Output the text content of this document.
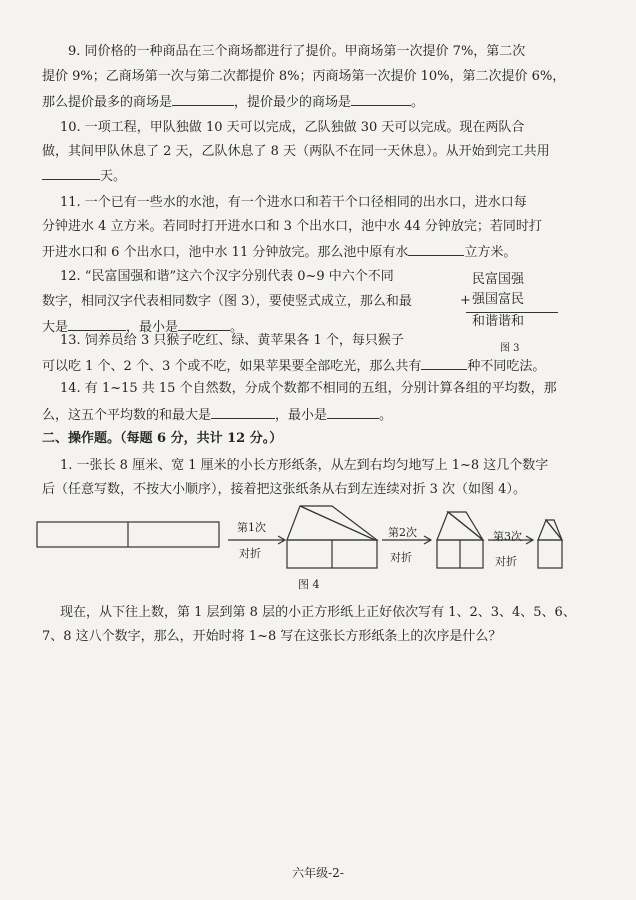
9. 同价格的一种商品在三个商场都进行了提价。甲商场第一次提价 7%，第二次
提价 9%；乙商场第一次与第二次都提价 8%；丙商场第一次提价 10%，第二次提价 6%，
那么提价最多的商场是	，提价最少的商场是	。
10. 一项工程，甲队独做 10 天可以完成，乙队独做 30 天可以完成。现在两队合
做，其间甲队休息了 2 天，乙队休息了 8 天（两队不在同一天休息）。从开始到完工共用
天。
11. 一个已有一些水的水池，有一个进水口和若干个口径相同的出水口，进水口每
分钟进水 4 立方米。若同时打开进水口和 3 个出水口，池中水 44 分钟放完；若同时打
开进水口和 6 个出水口，池中水 11 分钟放完。那么池中原有水	立方米。
12. “民富国强和谐”这六个汉字分别代表 0~9 中六个不同
数字，相同汉字代表相同数字（图 3），要使竖式成立，那么和最
大是	，最小是	。
民富国强
+ 强国富民
和谐谐和
图 3
13. 饲养员给 3 只猴子吃红、绿、黄苹果各 1 个，每只猴子
可以吃 1 个、2 个、3 个或不吃，如果苹果要全部吃光，那么共有	种不同吃法。
14. 有 1~15 共 15 个自然数，分成个数都不相同的五组，分别计算各组的平均数，那
么，这五个平均数的和最大是	，最小是	。
二、操作题。（每题 6 分，共计 12 分。）
1. 一张长 8 厘米、宽 1 厘米的小长方形纸条，从左到右均匀地写上 1~8 这几个数字
后（任意写数，不按大小顺序），接着把这张纸条从右到左连续对折 3 次（如图 4）。
第1次
对折
第2次
对折
第3次
对折
图 4
现在，从下往上数，第 1 层到第 8 层的小正方形纸上正好依次写有 1、2、3、4、5、6、
7、8 这八个数字，那么，开始时将 1~8 写在这张长方形纸条上的次序是什么？
六年级-2-
